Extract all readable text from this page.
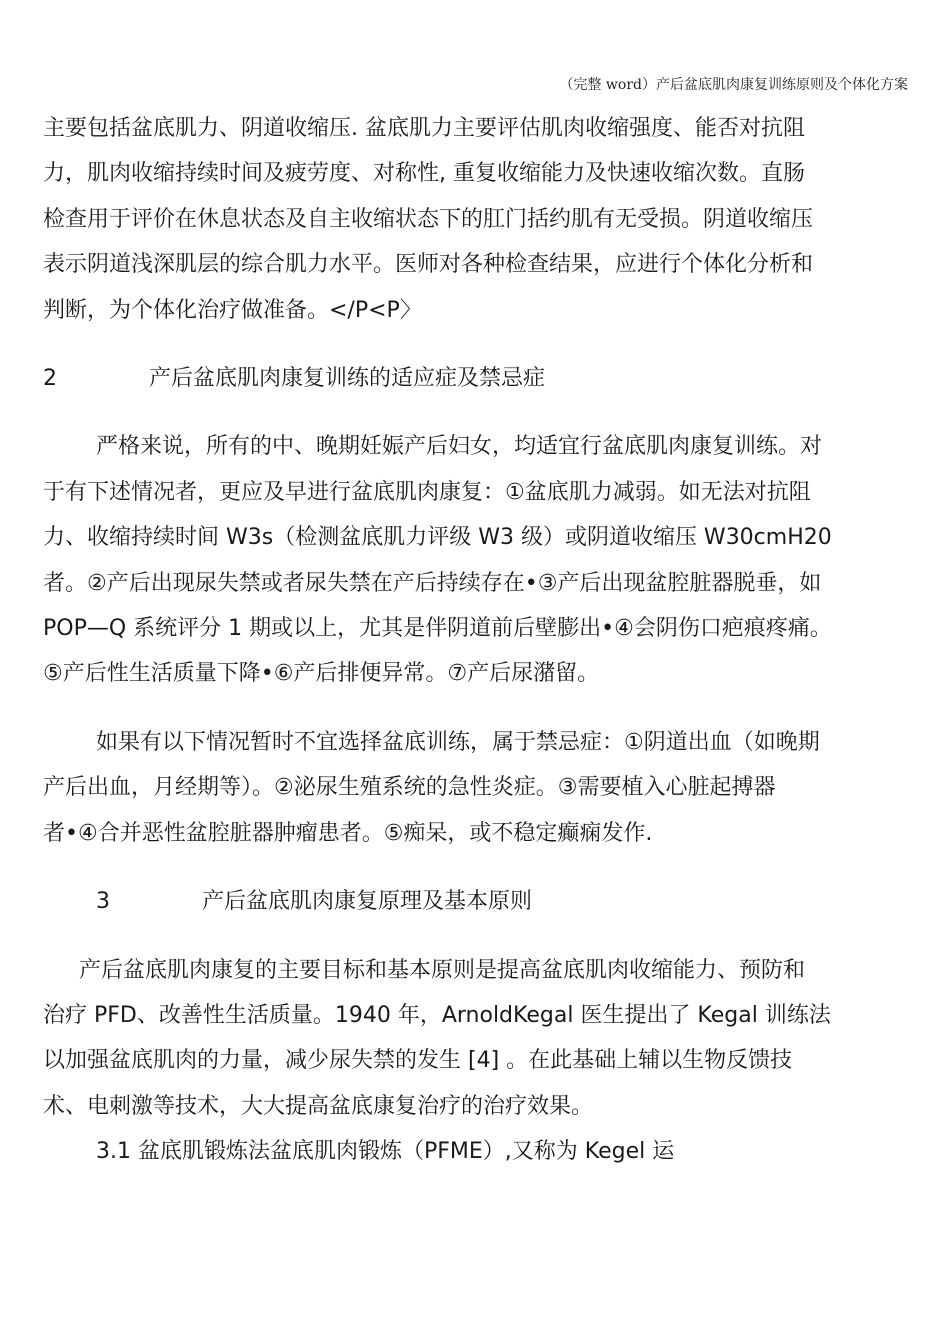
（完整 word）产后盆底肌肉康复训练原则及个体化方案
主要包括盆底肌力、阴道收缩压. 盆底肌力主要评估肌肉收缩强度、能否对抗阻
力，肌肉收缩持续时间及疲劳度、对称性, 重复收缩能力及快速收缩次数。直肠
检查用于评价在休息状态及自主收缩状态下的肛门括约肌有无受损。阴道收缩压
表示阴道浅深肌层的综合肌力水平。医师对各种检查结果，应进行个体化分析和
判断，为个体化治疗做准备。</P<P〉
2	产后盆底肌肉康复训练的适应症及禁忌症
严格来说，所有的中、晚期妊娠产后妇女，均适宜行盆底肌肉康复训练。对
于有下述情况者，更应及早进行盆底肌肉康复：①盆底肌力减弱。如无法对抗阻
力、收缩持续时间 W3s（检测盆底肌力评级 W3 级）或阴道收缩压 W30cmH20
者。②产后出现尿失禁或者尿失禁在产后持续存在•③产后出现盆腔脏器脱垂，如
POP—Q 系统评分 1 期或以上，尤其是伴阴道前后壁膨出•④会阴伤口疤痕疼痛。
⑤产后性生活质量下降•⑥产后排便异常。⑦产后尿潴留。
如果有以下情况暂时不宜选择盆底训练，属于禁忌症：①阴道出血（如晚期
产后出血，月经期等）。②泌尿生殖系统的急性炎症。③需要植入心脏起搏器
者•④合并恶性盆腔脏器肿瘤患者。⑤痴呆，或不稳定癫痫发作.
3	产后盆底肌肉康复原理及基本原则
产后盆底肌肉康复的主要目标和基本原则是提高盆底肌肉收缩能力、预防和
治疗 PFD、改善性生活质量。1940 年，ArnoldKegal 医生提出了 Kegal 训练法
以加强盆底肌肉的力量，减少尿失禁的发生 [4] 。在此基础上辅以生物反馈技
术、电刺激等技术，大大提高盆底康复治疗的治疗效果。
3.1 盆底肌锻炼法盆底肌肉锻炼（PFME）,又称为 Kegel 运
